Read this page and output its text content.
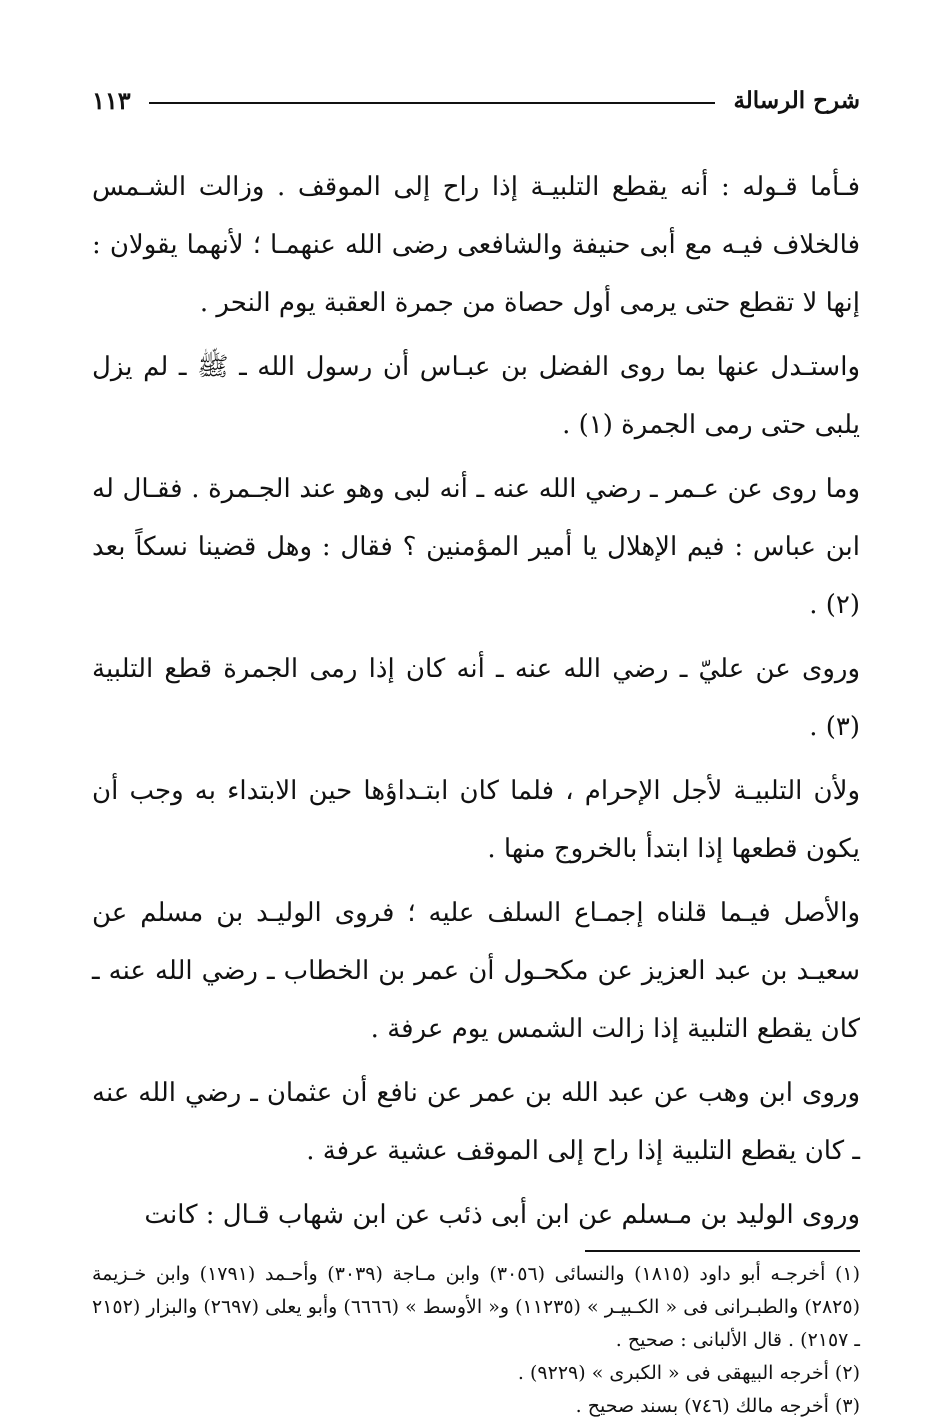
شرح الرسالة
١١٣

فـأما قـوله : أنه يقطع التلبيـة إذا راح إلى الموقف . وزالت الشـمس فالخلاف فيـه مع أبى حنيفة والشافعى رضى الله عنهمـا ؛ لأنهما يقولان : إنها لا تقطع حتى يرمى أول حصاة من جمرة العقبة يوم النحر .

واستـدل عنها بما روى الفضل بن عبـاس أن رسول الله ـ ﷺ ـ لم يزل يلبى حتى رمى الجمرة (١) .

وما روى عن عـمر ـ رضي الله عنه ـ أنه لبى وهو عند الجـمرة . فقـال له ابن عباس : فيم الإهلال يا أمير المؤمنين ؟ فقال : وهل قضينا نسكاً بعد (٢) .

وروى عن عليّ ـ رضي الله عنه ـ أنه كان إذا رمى الجمرة قطع التلبية (٣) .

ولأن التلبيـة لأجل الإحرام ، فلما كان ابتـداؤها حين الابتداء به وجب أن يكون قطعها إذا ابتدأ بالخروج منها .

والأصل فيـما قلناه إجمـاع السلف عليه ؛ فروى الوليـد بن مسلم عن سعيـد بن عبد العزيز عن مكحـول أن عمر بن الخطاب ـ رضي الله عنه ـ كان يقطع التلبية إذا زالت الشمس يوم عرفة .

وروى ابن وهب عن عبد الله بن عمر عن نافع أن عثمان ـ رضي الله عنه ـ كان يقطع التلبية إذا راح إلى الموقف عشية عرفة .

وروى الوليد بن مـسلم عن ابن أبى ذئب عن ابن شهاب قـال : كانت

(١) أخرجـه أبو داود (١٨١٥) والنسائى (٣٠٥٦) وابن مـاجة (٣٠٣٩) وأحـمد (١٧٩١) وابن خـزيمة (٢٨٢٥) والطبـرانى فى « الكـبيـر » (١١٢٣٥) و« الأوسط » (٦٦٦٦) وأبو يعلى (٢٦٩٧) والبزار (٢١٥٢ ـ ٢١٥٧) . قال الألبانى : صحيح .

(٢) أخرجه البيهقى فى « الكبرى » (٩٢٢٩) .

(٣) أخرجه مالك (٧٤٦) بسند صحيح .
